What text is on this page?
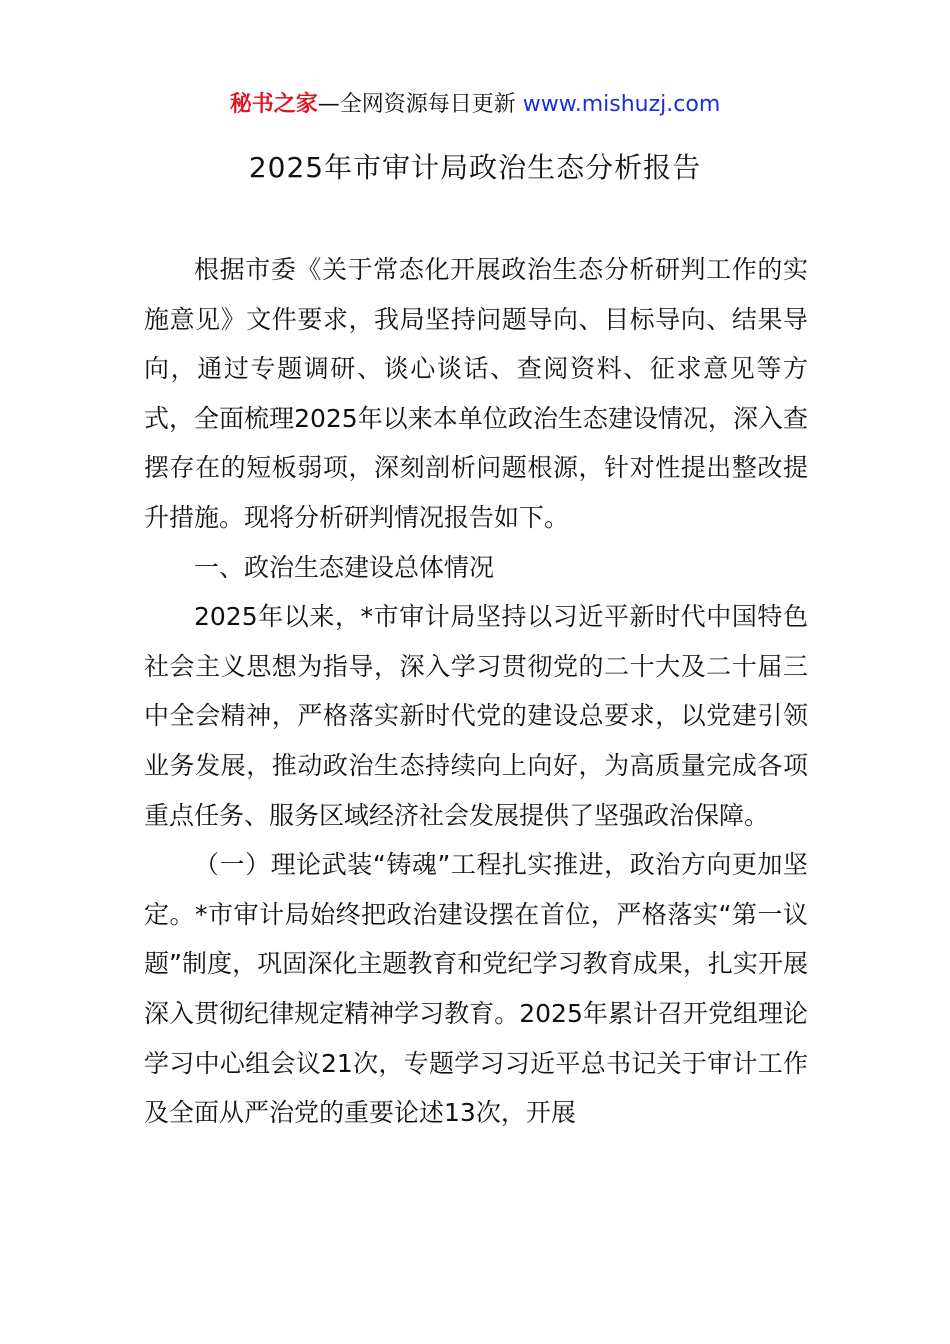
秘书之家—全网资源每日更新 www.mishuzj.com
2025年市审计局政治生态分析报告

根据市委《关于常态化开展政治生态分析研判工作的实施意见》文件要求，我局坚持问题导向、目标导向、结果导向，通过专题调研、谈心谈话、查阅资料、征求意见等方式，全面梳理2025年以来本单位政治生态建设情况，深入查摆存在的短板弱项，深刻剖析问题根源，针对性提出整改提升措施。现将分析研判情况报告如下。

一、政治生态建设总体情况

2025年以来，*市审计局坚持以习近平新时代中国特色社会主义思想为指导，深入学习贯彻党的二十大及二十届三中全会精神，严格落实新时代党的建设总要求，以党建引领业务发展，推动政治生态持续向上向好，为高质量完成各项重点任务、服务区域经济社会发展提供了坚强政治保障。

（一）理论武装“铸魂”工程扎实推进，政治方向更加坚定。*市审计局始终把政治建设摆在首位，严格落实“第一议题”制度，巩固深化主题教育和党纪学习教育成果，扎实开展深入贯彻纪律规定精神学习教育。2025年累计召开党组理论学习中心组会议21次，专题学习习近平总书记关于审计工作及全面从严治党的重要论述13次，开展
